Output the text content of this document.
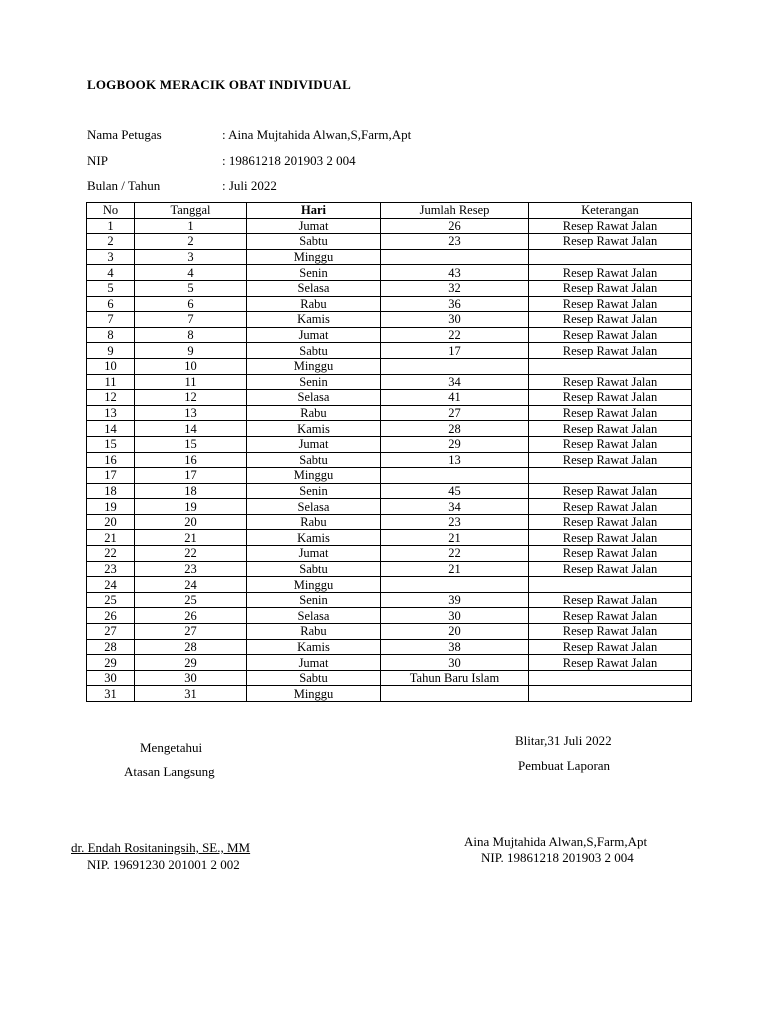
LOGBOOK MERACIK OBAT INDIVIDUAL
Nama Petugas	: Aina Mujtahida Alwan,S,Farm,Apt
NIP	: 19861218 201903 2 004
Bulan / Tahun	: Juli 2022
No	Tanggal	Hari	Jumlah Resep	Keterangan
1	1	Jumat	26	Resep Rawat Jalan
2	2	Sabtu	23	Resep Rawat Jalan
3	3	Minggu		
4	4	Senin	43	Resep Rawat Jalan
5	5	Selasa	32	Resep Rawat Jalan
6	6	Rabu	36	Resep Rawat Jalan
7	7	Kamis	30	Resep Rawat Jalan
8	8	Jumat	22	Resep Rawat Jalan
9	9	Sabtu	17	Resep Rawat Jalan
10	10	Minggu		
11	11	Senin	34	Resep Rawat Jalan
12	12	Selasa	41	Resep Rawat Jalan
13	13	Rabu	27	Resep Rawat Jalan
14	14	Kamis	28	Resep Rawat Jalan
15	15	Jumat	29	Resep Rawat Jalan
16	16	Sabtu	13	Resep Rawat Jalan
17	17	Minggu		
18	18	Senin	45	Resep Rawat Jalan
19	19	Selasa	34	Resep Rawat Jalan
20	20	Rabu	23	Resep Rawat Jalan
21	21	Kamis	21	Resep Rawat Jalan
22	22	Jumat	22	Resep Rawat Jalan
23	23	Sabtu	21	Resep Rawat Jalan
24	24	Minggu		
25	25	Senin	39	Resep Rawat Jalan
26	26	Selasa	30	Resep Rawat Jalan
27	27	Rabu	20	Resep Rawat Jalan
28	28	Kamis	38	Resep Rawat Jalan
29	29	Jumat	30	Resep Rawat Jalan
30	30	Sabtu	Tahun Baru Islam	
31	31	Minggu		
Mengetahui
Atasan Langsung
dr. Endah Rositaningsih, SE., MM
NIP. 19691230 201001 2 002
Blitar,31 Juli 2022
Pembuat Laporan
Aina Mujtahida Alwan,S,Farm,Apt
NIP. 19861218 201903 2 004
